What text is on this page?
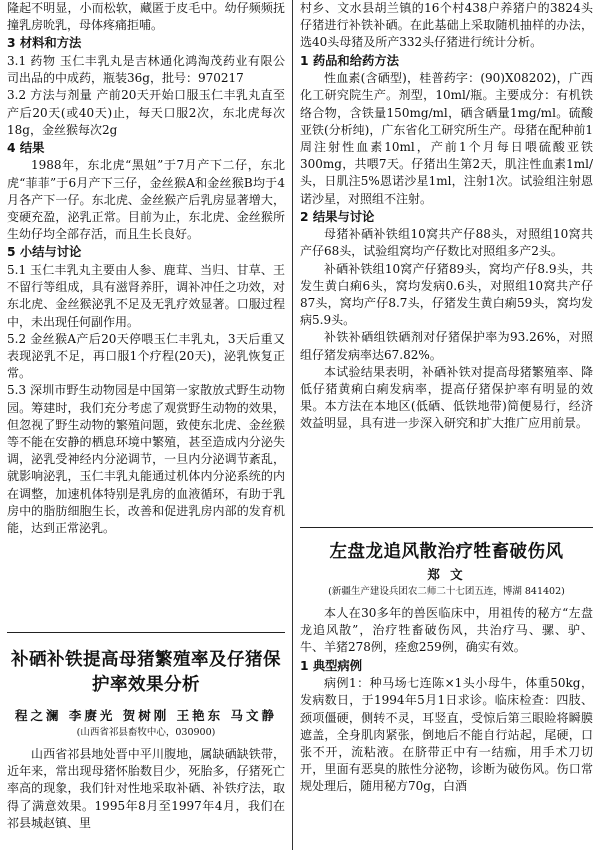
隆起不明显，小而松软，藏匿于皮毛中。幼仔频频抚撞乳房吮乳，母体疼痛拒哺。

3 材料和方法

3.1 药物 玉仁丰乳丸是吉林通化鸿淘茂药业有限公司出品的中成药，瓶装36g，批号：970217

3.2 方法与剂量 产前20天开始口服玉仁丰乳丸直至产后20天(或40天)止，每天口服2次，东北虎每次18g，金丝猴每次2g

4 结果

1988年，东北虎“黑妞”于7月产下二仔，东北虎“菲菲”于6月产下三仔，金丝猴A和金丝猴B均于4月各产下一仔。东北虎、金丝猴产后乳房显著增大，变硬充盈，泌乳正常。目前为止，东北虎、金丝猴所生幼仔均全部存活，而且生长良好。

5 小结与讨论

5.1 玉仁丰乳丸主要由人参、鹿茸、当归、甘草、王不留行等组成，具有滋肾养肝，调补冲任之功效，对东北虎、金丝猴泌乳不足及无乳疗效显著。口服过程中，未出现任何副作用。

5.2 金丝猴A产后20天停喂玉仁丰乳丸，3天后重又表现泌乳不足，再口服1个疗程(20天)，泌乳恢复正常。

5.3 深圳市野生动物园是中国第一家散放式野生动物园。筹建时，我们充分考虑了观赏野生动物的效果，但忽视了野生动物的繁殖问题，致使东北虎、金丝猴等不能在安静的栖息环境中繁殖，甚至造成内分泌失调，泌乳受神经内分泌调节，一旦内分泌调节紊乱，就影响泌乳，玉仁丰乳丸能通过机体内分泌系统的内在调整，加速机体特别是乳房的血液循环，有助于乳房中的脂肪细胞生长，改善和促进乳房内部的发育机能，达到正常泌乳。

补硒补铁提高母猪繁殖率及仔猪保护率效果分析
程之澜 李赓光 贺树刚 王艳东 马文静
(山西省祁县畜牧中心，030900)

山西省祁县地处晋中平川腹地，属缺硒缺铁带，近年来，常出现母猪怀胎数目少，死胎多，仔猪死亡率高的现象，我们针对性地采取补硒、补铁疗法，取得了满意效果。1995年8月至1997年4月，我们在祁县城赵镇、里

村乡、文水县胡兰镇的16个村438户养猪户的3824头仔猪进行补铁补硒。在此基础上采取随机抽样的办法，选40头母猪及所产332头仔猪进行统计分析。

1 药品和给药方法

性血素(含硒型)，桂普药字：(90)X08202)，广西化工研究院生产。剂型，10ml/瓶。主要成分：有机铁络合物，含铁量150mg/ml，硒含硒量1mg/ml。硫酸亚铁(分析纯)，广东省化工研究所生产。母猪在配种前1周注射性血素10ml，产前1个月每日喂硫酸亚铁300mg，共喂7天。仔猪出生第2天，肌注性血素1ml/头，日肌注5%恩诺沙星1ml，注射1次。试验组注射恩诺沙星，对照组不注射。

2 结果与讨论

母猪补硒补铁组10窝共产仔88头，对照组10窝共产仔68头，试验组窝均产仔数比对照组多产2头。

补硒补铁组10窝产仔猪89头，窝均产仔8.9头，共发生黄白痢6头，窝均发病0.6头，对照组10窝共产仔87头，窝均产仔8.7头，仔猪发生黄白痢59头，窝均发病5.9头。

补铁补硒组铁硒剂对仔猪保护率为93.26%，对照组仔猪发病率达67.82%。

本试验结果表明，补硒补铁对提高母猪繁殖率、降低仔猪黄痢白痢发病率，提高仔猪保护率有明显的效果。本方法在本地区(低硒、低铁地带)简便易行，经济效益明显，具有进一步深入研究和扩大推广应用前景。

左盘龙追风散治疗牲畜破伤风
郑 文
(新疆生产建设兵团农二师二十七团五连，博湖 841402)

本人在30多年的兽医临床中，用祖传的秘方“左盘龙追风散”，治疗牲畜破伤风，共治疗马、骡、驴、牛、羊猪278例，痊愈259例，确实有效。

1 典型病例

病例1：种马场七连陈×1头小母牛，体重50kg，发病数日，于1994年5月1日求诊。临床检查：四肢、颈项僵硬，侧转不灵，耳竖直，受惊后第三眼睑将瞬膜遮盖，全身肌肉紧张，倒地后不能自行站起，尾硬，口张不开，流粘液。在脐带正中有一结痂，用手术刀切开，里面有恶臭的脓性分泌物，诊断为破伤风。伤口常规处理后，随用秘方70g，白酒
